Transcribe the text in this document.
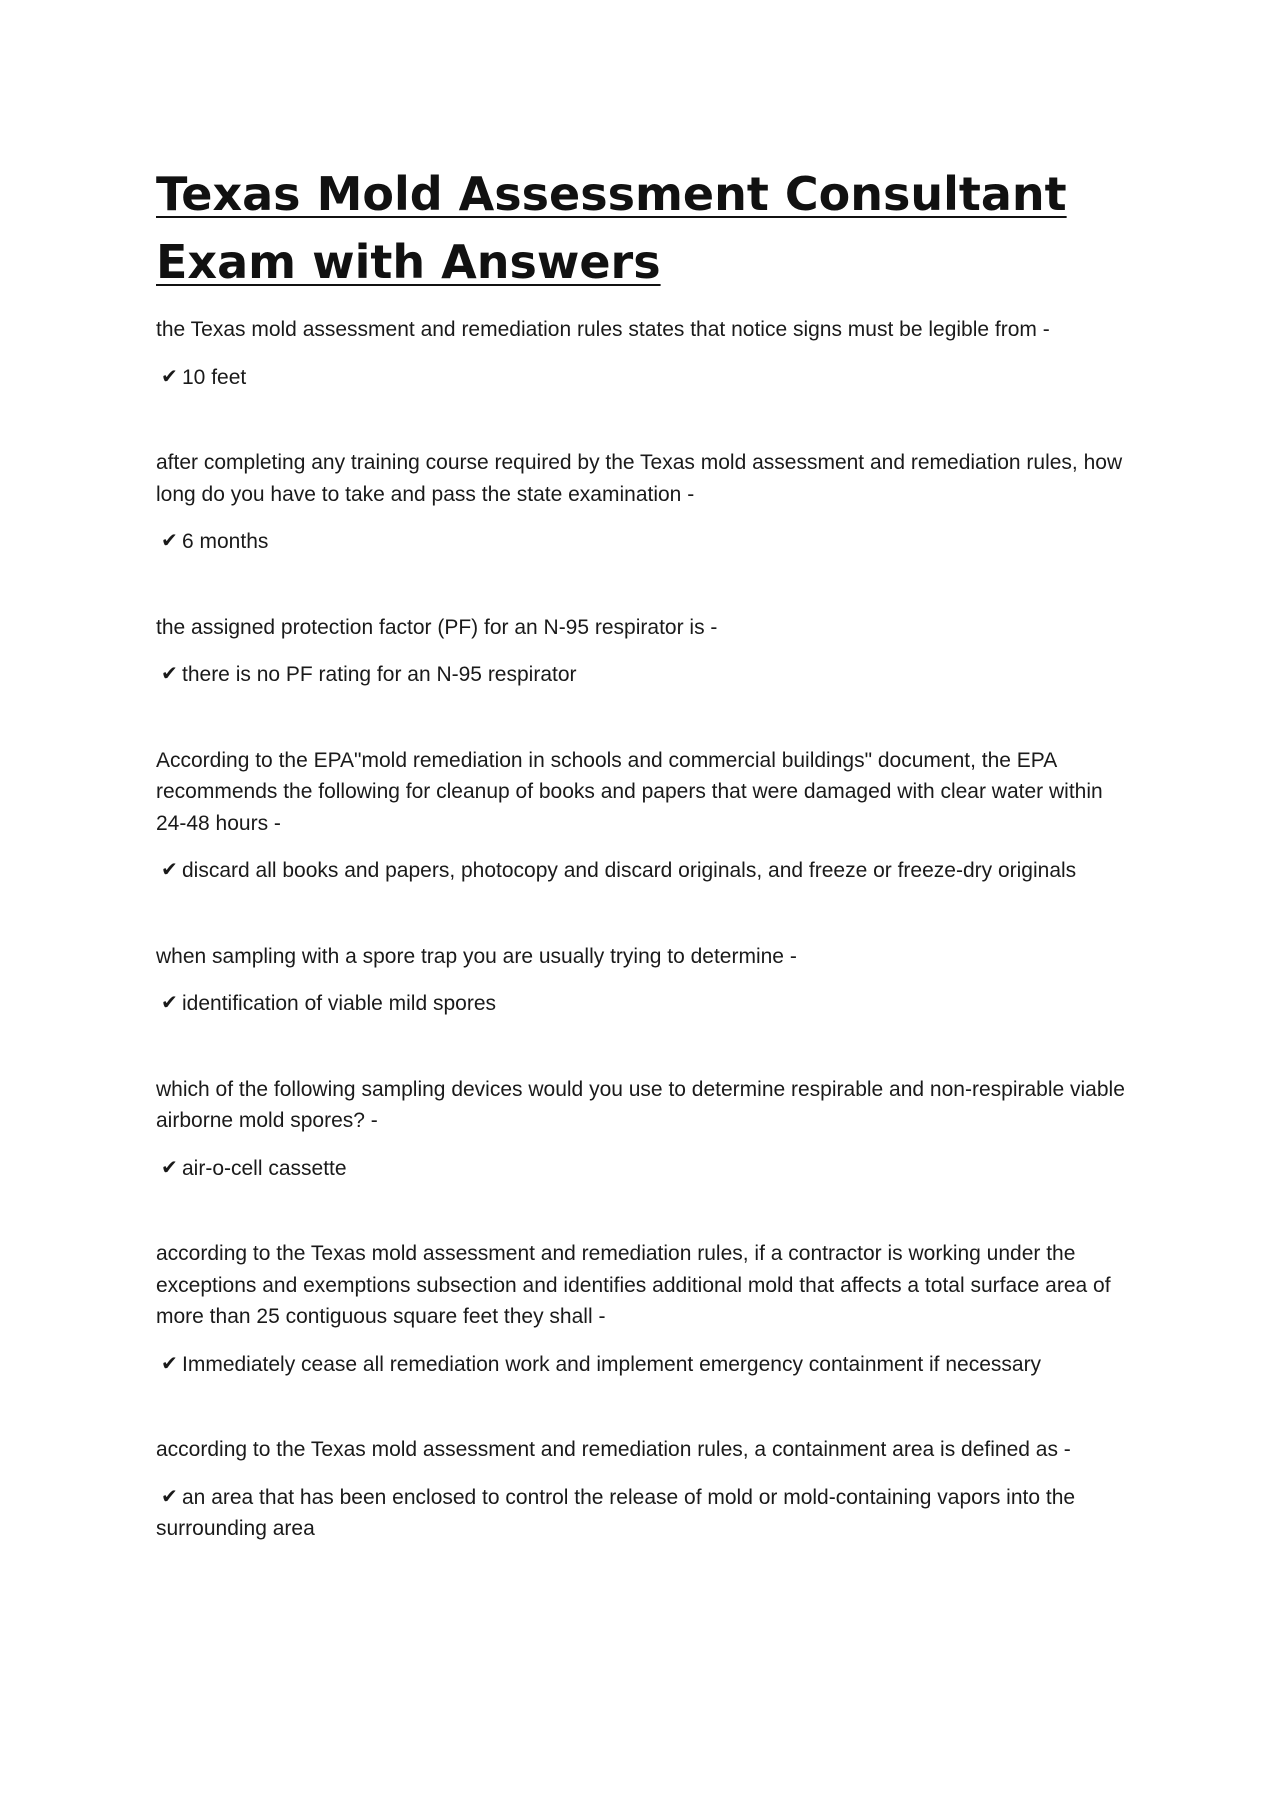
Texas Mold Assessment Consultant Exam with Answers

the Texas mold assessment and remediation rules states that notice signs must be legible from -

✔ 10 feet

after completing any training course required by the Texas mold assessment and remediation rules, how long do you have to take and pass the state examination -

✔ 6 months

the assigned protection factor (PF) for an N-95 respirator is -

✔ there is no PF rating for an N-95 respirator

According to the EPA"mold remediation in schools and commercial buildings" document, the EPA recommends the following for cleanup of books and papers that were damaged with clear water within 24-48 hours -

✔ discard all books and papers, photocopy and discard originals, and freeze or freeze-dry originals

when sampling with a spore trap you are usually trying to determine -

✔ identification of viable mild spores

which of the following sampling devices would you use to determine respirable and non-respirable viable airborne mold spores? -

✔ air-o-cell cassette

according to the Texas mold assessment and remediation rules, if a contractor is working under the exceptions and exemptions subsection and identifies additional mold that affects a total surface area of more than 25 contiguous square feet they shall -

✔ Immediately cease all remediation work and implement emergency containment if necessary

according to the Texas mold assessment and remediation rules, a containment area is defined as -

✔ an area that has been enclosed to control the release of mold or mold-containing vapors into the surrounding area
